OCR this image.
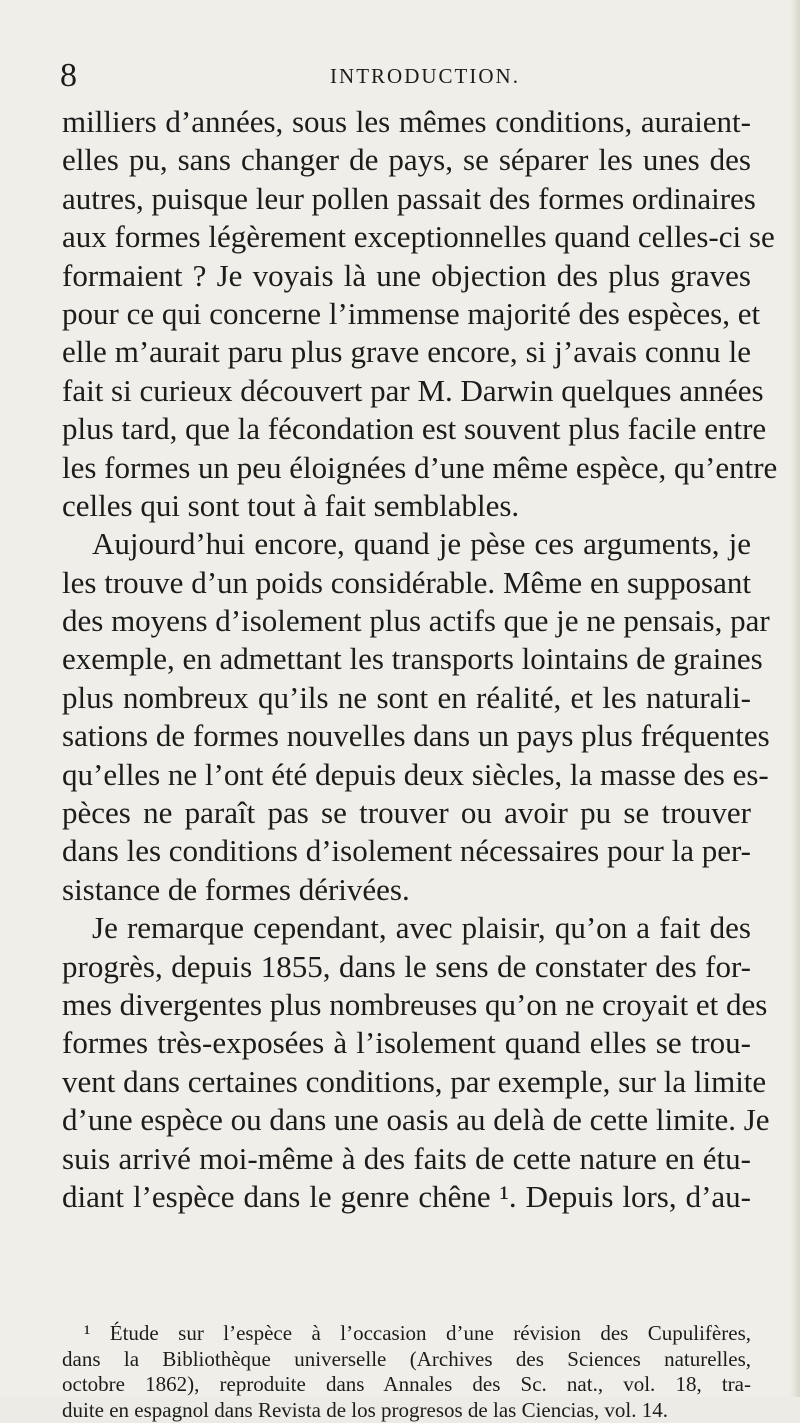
8	INTRODUCTION.
milliers d’années, sous les mêmes conditions, auraient-
elles pu, sans changer de pays, se séparer les unes des
autres, puisque leur pollen passait des formes ordinaires
aux formes légèrement exceptionnelles quand celles-ci se
formaient ? Je voyais là une objection des plus graves
pour ce qui concerne l’immense majorité des espèces, et
elle m’aurait paru plus grave encore, si j’avais connu le
fait si curieux découvert par M. Darwin quelques années
plus tard, que la fécondation est souvent plus facile entre
les formes un peu éloignées d’une même espèce, qu’entre
celles qui sont tout à fait semblables.
Aujourd’hui encore, quand je pèse ces arguments, je
les trouve d’un poids considérable. Même en supposant
des moyens d’isolement plus actifs que je ne pensais, par
exemple, en admettant les transports lointains de graines
plus nombreux qu’ils ne sont en réalité, et les naturali-
sations de formes nouvelles dans un pays plus fréquentes
qu’elles ne l’ont été depuis deux siècles, la masse des es-
pèces ne paraît pas se trouver ou avoir pu se trouver
dans les conditions d’isolement nécessaires pour la per-
sistance de formes dérivées.
Je remarque cependant, avec plaisir, qu’on a fait des
progrès, depuis 1855, dans le sens de constater des for-
mes divergentes plus nombreuses qu’on ne croyait et des
formes très-exposées à l’isolement quand elles se trou-
vent dans certaines conditions, par exemple, sur la limite
d’une espèce ou dans une oasis au delà de cette limite. Je
suis arrivé moi-même à des faits de cette nature en étu-
diant l’espèce dans le genre chêne ¹. Depuis lors, d’au-
¹ Étude sur l’espèce à l’occasion d’une révision des Cupulifères,
dans la Bibliothèque universelle (Archives des Sciences naturelles,
octobre 1862), reproduite dans Annales des Sc. nat., vol. 18, tra-
duite en espagnol dans Revista de los progresos de las Ciencias, vol. 14.
